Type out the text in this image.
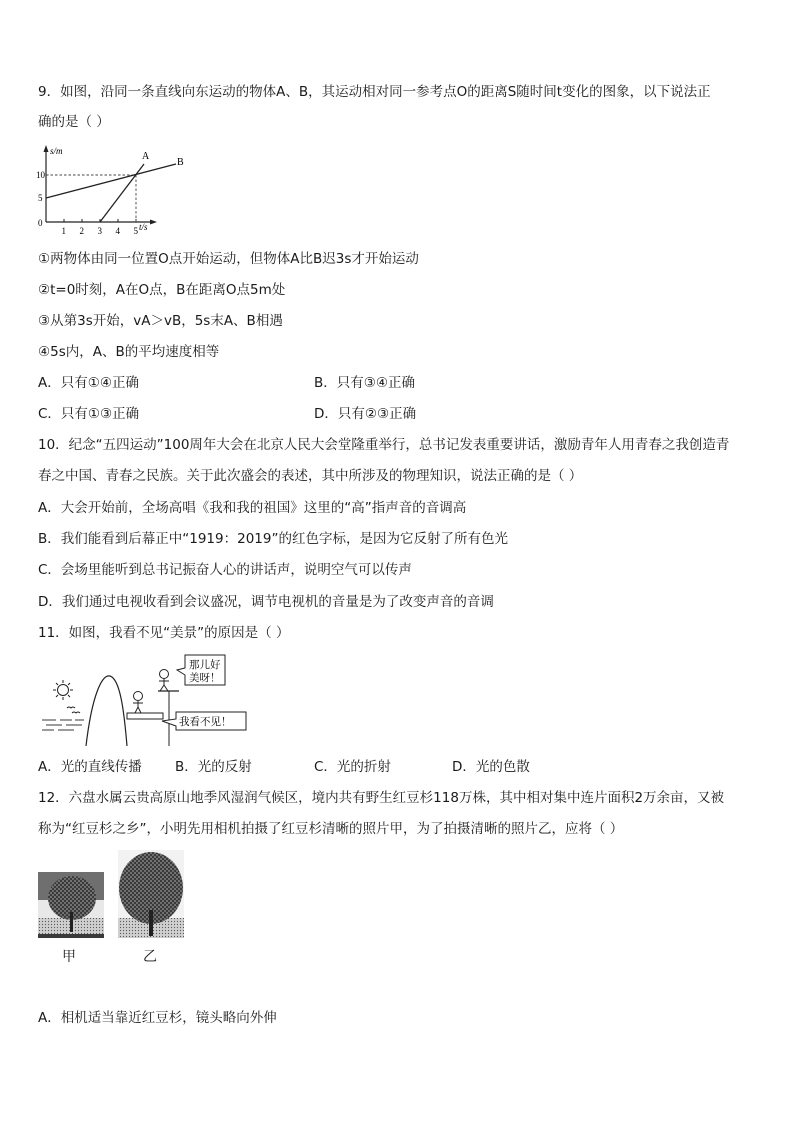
9．如图，沿同一条直线向东运动的物体A、B，其运动相对同一参考点O的距离S随时间t变化的图象，以下说法正
确的是（ ）
s/m
t/s
10
5
0
1 2 3 4 5
A
B
①两物体由同一位置O点开始运动，但物体A比B迟3s才开始运动
②t=0时刻，A在O点，B在距离O点5m处
③从第3s开始，vA＞vB，5s末A、B相遇
④5s内，A、B的平均速度相等
A．只有①④正确	B．只有③④正确
C．只有①③正确	D．只有②③正确
10．纪念“五四运动”100周年大会在北京人民大会堂隆重举行，总书记发表重要讲话，激励青年人用青春之我创造青
春之中国、青春之民族。关于此次盛会的表述，其中所涉及的物理知识，说法正确的是（ ）
A．大会开始前，全场高唱《我和我的祖国》这里的“高”指声音的音调高
B．我们能看到后幕正中“1919：2019”的红色字标，是因为它反射了所有色光
C．会场里能听到总书记振奋人心的讲话声，说明空气可以传声
D．我们通过电视收看到会议盛况，调节电视机的音量是为了改变声音的音调
11．如图，我看不见“美景”的原因是（ ）
那儿好
美呀！
我看不见！
A．光的直线传播 B．光的反射	C．光的折射	D．光的色散
12．六盘水属云贵高原山地季风湿润气候区，境内共有野生红豆杉118万株，其中相对集中连片面积2万余亩，又被
称为“红豆杉之乡”，小明先用相机拍摄了红豆杉清晰的照片甲，为了拍摄清晰的照片乙，应将（ ）
甲	乙
A．相机适当靠近红豆杉，镜头略向外伸
